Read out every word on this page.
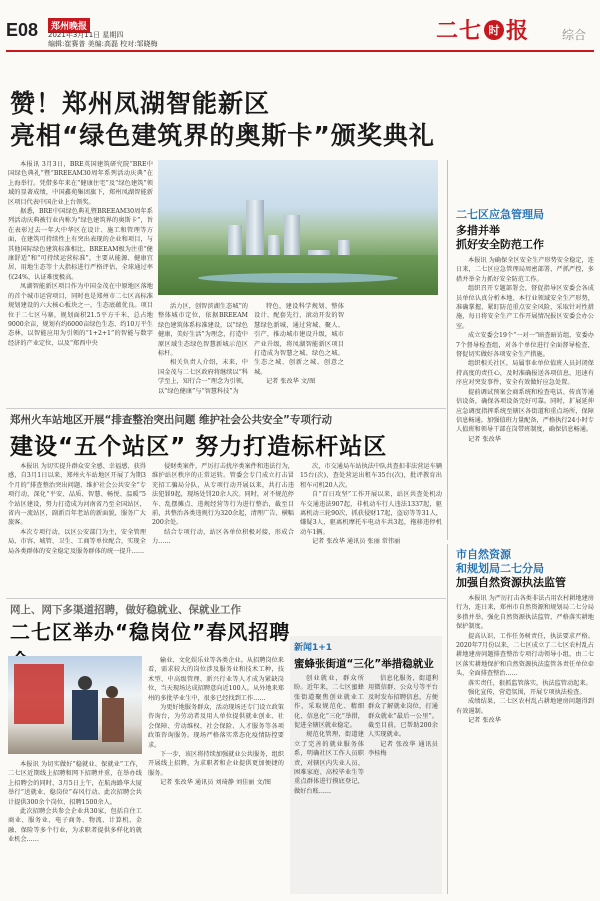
E08	郑州晚报
2021年3月11日 星期四
编辑:崔赛普 美编:高磊 校对:邹晓梅	二七 时 报	综合
赞！郑州凤湖智能新区
亮相“绿色建筑界的奥斯卡”颁奖典礼

本报讯 3月3日，BRE英国建筑研究院“BRE中国绿色典礼”暨“BREEAM30周年系列活动庆典”在上海举行。凭借多年来在“健康住宅”及“绿色建筑”领域的显著成绩，中国鑫苑集团旗下，郑州凤湖智能新区项目代表中国企业上台领奖。

据悉，BRE中国绿色典礼暨BREEAM30周年系列活动庆典被行业内称为“绿色建筑界的奥斯卡”，旨在表彰过去一年大中华区在设计、施工和管理等方面，在建筑可持续性上有突出表现的企业和项目，与其他国际绿色建筑标准相比，BREEAM极为注重“健康舒适”和“可持续运营标准”，主要从能源、健康宜居、用地生态等十大指标进行严格评估，全球通过率仅24%，认证难度极高。

凤湖智能新区项目作为中国金茂在中原地区落地的首个城市运营项目，同时也是郑州市二七区高标准规划建设的六大核心板块之一，生态底蕴优良。项目位于二七区马寨，规划面积21.5平方千米，总占地9000余亩，规划有约6000亩绿色生态、约10万平生态林，以智能应用为引领的“1+2+1”的智能与数字经济的产业定位，以及“郑西中央

活力区，创智滨湖生态城”的整体城市定位，依据BREEAM绿色建筑体系标准建设，以“绿色健康，美好生活”为理念，打造中原区域生态绿色智慧新城示范区标杆。

相关负责人介绍，未来，中国金茂与二七区政府将继续以“科学至上，知行合一”理念为引领，以“绿色健康”与“智慧科技”为

特色，建设科学规划、整体设计、配套先行、滚动开发的智慧绿色新城，通过营城、聚人、引产，推动城市建设升级，城市产业升级，将凤湖智能新区项目打造成为智慧之城、绿色之城、生态之城、创新之城、创意之城。

记者 张改华 文/图

二七区应急管理局
多措并举
抓好安全防范工作

本报讯 为确保全区安全生产形势安全稳定，连日来，二七区应急管理局周密部署，严抓严控，多措并举全力抓好安全防范工作。

组织召开专题部署会，督促指导区安委会各成员单位认真分析本地、本行业领域安全生产形势，准确掌握、紧盯防范重点安全风险，采取针对性措施，每日将安全生产工作开展情况报区安委会办公室。

成立安委会19个“一对一”暗查暗访组，安委办7个督导检查组，对各个单位进行全面督导检查，督促切实做好各项安全生产措施。

组织相关社区，局属事业单位值班人员封闭保持高度的责任心，及时准确报送各项信息，迅速有序应对突发事件，安全有效做好应急处置。

提前调试预案会商系统和检查电话、传真等通信设备，确保各项设备完好可靠。同时，扩展延伸应急调度指挥系统至辖区各街道和重点场所，保障信息畅通。加强值班力量配备，严格执行24小时专人值班和领导干部在岗带班制度，确保信息畅通。

记者 张改华

郑州火车站地区开展“排查整治突出问题 维护社会公共安全”专项行动
建设“五个站区” 努力打造标杆站区

本报讯 为切实提升群众安全感、幸福感、获得感，自3月1日以来，郑州火车站地区开展了为期3个月的“排查整治突出问题、维护社会公共安全”专项行动，深化“平安、品质、智慧、畅悦、温暖”5个站区建设，努力打造成为河南省乃至全国站区，省内一流站区，副新百年老站的新面貌，服务广大旅客。

本次专项行动，以区公安部门为主，安全管理局、市容、城管、卫生、工商等单位配合，实现全局各类群体的安全稳定及服务群体的统一提升……

侵财类案件，严厉打击扰序类案件和违法行为，维护站区秩序的正常运转。管委会专门成立打击冒充招工骗局分队，从专项行动开展以来，共打击违法犯罪9起，现场处罚20余人次。同时，对不规范停车、乱摆摊点、违规经营等行为进行整治，截至目前，共整治各类违规行为320余起，清理广告、横幅200余处。

结合专项行动，站区各单位积极对接，形成合力……

次，市交通局车站执法中队共查扣非法营运车辆15台(次)，查处营运出租车35台(次)，批评教育出租车司机20人次。

自“百日攻坚”工作开展以来，站区共查处机动车交通违法907起，非机动车行人违法1337起，驱离机动三轮90次，抓获侵财17起，盗窃等等31人，嫌疑3人，驱离机摩托车电动车共3起，拖移违停机动车1辆。

记者 张改华 通讯员 张丽 常伟丽

市自然资源
和规划局二七分局
加强自然资源执法监管

本报讯 为严厉打击各类非法占用农村耕地建房行为，连日来，郑州市自然资源和规划局二七分局多措并举，强化自然资源执法监管，严格落实耕地保护制度。

提高认识，工作任务树责任，执法要求严格。2020年7月份以来，二七区成立了二七区农村乱占耕地建房问题排查整治专项行动领导小组，由二七区落实耕地保护和自然资源执法监管各责任单位牵头，全面排查整治……

落实责任，狠抓监管落实，执法监管动起来。

强化宣传，营造氛围，开展专项执法检查。

成绩结果，二七区农村乱占耕地建房问题得到有效遏制。

记者 张改华

网上、网下多渠道招聘，做好稳就业、保就业工作
二七区举办“稳岗位”春风招聘

本报讯 为切实做好“稳就业、保就业”工作，二七区近期线上招聘和网下招聘并重，在举办线上招聘会的同时，3月5日上午，在航海路华大厦举行“送就业、稳岗位”春风行动。此次招聘会共计提供300余个岗位，招聘1500余人。

此次招聘会共参会企业共30家，包括自住工商业、服务业、电子商务、物流、计算机、金融、保险等多个行业，为求职者提供多样化的就业机会……

输业、文化娱乐业等各类企业。从招聘岗位来看，需求较大的岗位涉及服务业和技术工种，技术型、中高级管理、新兴行业等人才成为紧缺岗位，当天现场达成招聘意向近100人。从外地来郑州的多批毕业生中，很多已经找到工作……

为更好地服务群众，活动现场还专门设立政策咨询台，为劳动者及用人单位提供就业创业、社会保障、劳动维权、社会保险、人才服务等各项政策咨询服务。现场严格落实常态化疫情防控要求。

下一步，该区将持续加强就业公共服务，组织开展线上招聘，为求职者和企业提供更加便捷的服务。

记者 张改华 通讯员 刘琦静 刘佳丽 文/图

新闻1+1
蜜蜂张街道“三化”举措稳就业

创业就业，群众所盼。近年来，二七区蜜蜂张街道聚焦创业就业工作，采取规范化、精细化、信息化“三化”举措，促进全辖区就业稳定。

规范化管理，街道建立了完善的就业服务体系，明确社区工作人员职责，对辖区内失业人员、困难家庭、高校毕业生等重点群体进行摸底登记，做好台账……

信息化服务，街道利用微信群、公众号等平台及时发布招聘信息，方便群众了解就业岗位，打通群众就业“最后一公里”。截至目前，已帮助200余人实现就业。

记者 张改华 通讯员 李桂梅
